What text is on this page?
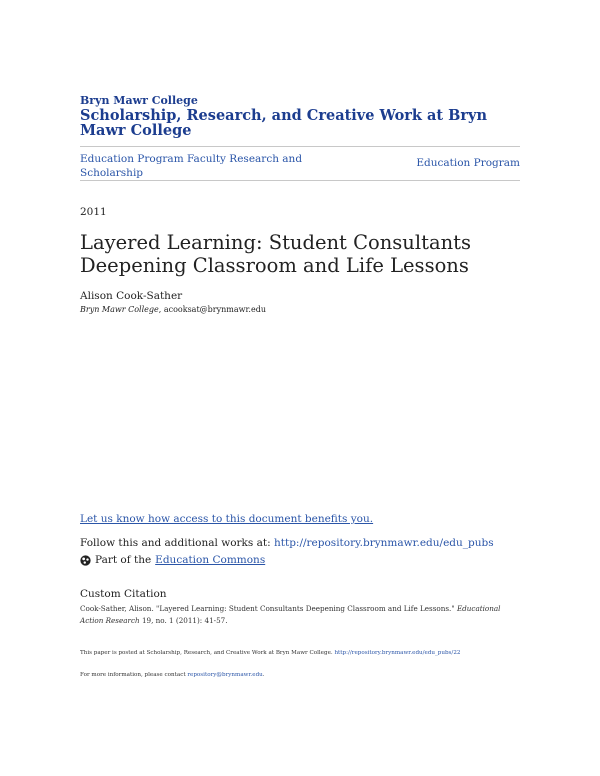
Bryn Mawr College
Scholarship, Research, and Creative Work at Bryn Mawr College
Education Program Faculty Research and Scholarship
Education Program
2011
Layered Learning: Student Consultants Deepening Classroom and Life Lessons
Alison Cook-Sather
Bryn Mawr College, acooksat@brynmawr.edu
Let us know how access to this document benefits you.
Follow this and additional works at: http://repository.brynmawr.edu/edu_pubs
Part of the Education Commons
Custom Citation
Cook-Sather, Alison. "Layered Learning: Student Consultants Deepening Classroom and Life Lessons." Educational Action Research 19, no. 1 (2011): 41-57.
This paper is posted at Scholarship, Research, and Creative Work at Bryn Mawr College. http://repository.brynmawr.edu/edu_pubs/22
For more information, please contact repository@brynmawr.edu.
